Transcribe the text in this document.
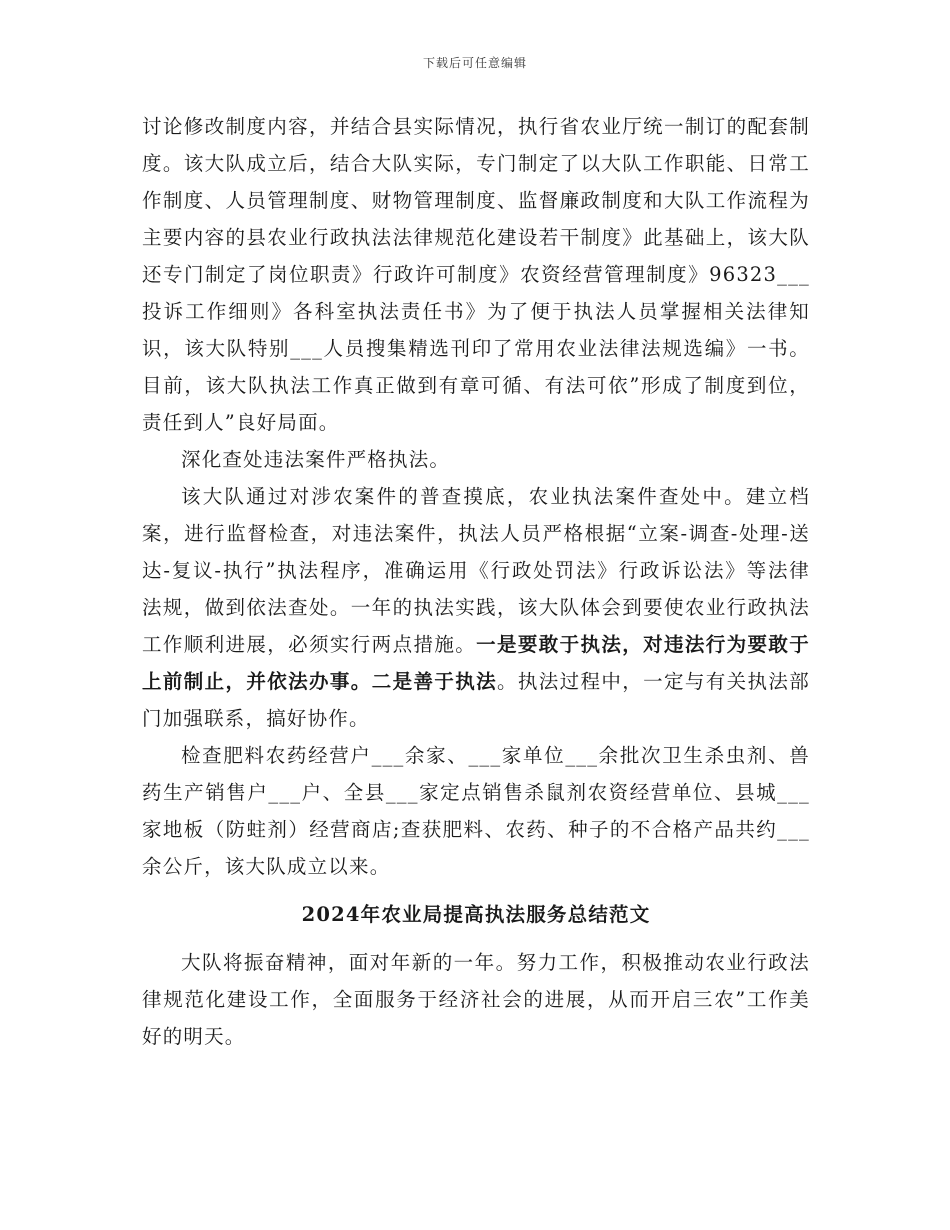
下载后可任意编辑

讨论修改制度内容，并结合县实际情况，执行省农业厅统一制订的配套制度。该大队成立后，结合大队实际，专门制定了以大队工作职能、日常工作制度、人员管理制度、财物管理制度、监督廉政制度和大队工作流程为主要内容的县农业行政执法法律规范化建设若干制度》此基础上，该大队还专门制定了岗位职责》行政许可制度》农资经营管理制度》96323___投诉工作细则》各科室执法责任书》为了便于执法人员掌握相关法律知识，该大队特别___人员搜集精选刊印了常用农业法律法规选编》一书。目前，该大队执法工作真正做到有章可循、有法可依”形成了制度到位，责任到人”良好局面。

深化查处违法案件严格执法。

该大队通过对涉农案件的普查摸底，农业执法案件查处中。建立档案，进行监督检查，对违法案件，执法人员严格根据“立案-调查-处理-送达-复议-执行”执法程序，准确运用《行政处罚法》行政诉讼法》等法律法规，做到依法查处。一年的执法实践，该大队体会到要使农业行政执法工作顺利进展，必须实行两点措施。一是要敢于执法，对违法行为要敢于上前制止，并依法办事。二是善于执法。执法过程中，一定与有关执法部门加强联系，搞好协作。

检查肥料农药经营户___余家、___家单位___余批次卫生杀虫剂、兽药生产销售户___户、全县___家定点销售杀鼠剂农资经营单位、县城___家地板（防蛀剂）经营商店;查获肥料、农药、种子的不合格产品共约___余公斤，该大队成立以来。

2024年农业局提高执法服务总结范文

大队将振奋精神，面对年新的一年。努力工作，积极推动农业行政法律规范化建设工作，全面服务于经济社会的进展，从而开启三农”工作美好的明天。
